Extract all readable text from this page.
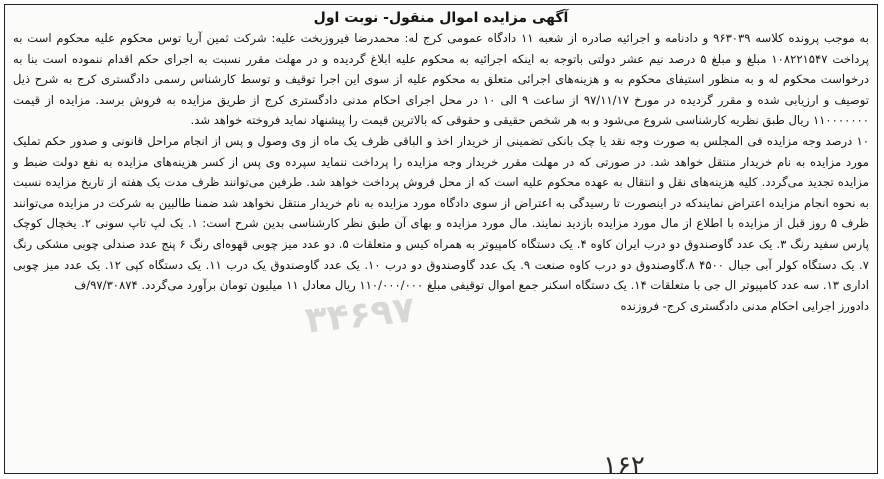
آگهی مزایده اموال منقول- نوبت اول

به موجب پرونده کلاسه ۹۶۳۰۳۹ و دادنامه و اجرائیه صادره از شعبه ۱۱ دادگاه عمومی کرج له: محمدرضا فیروزبخت علیه: شرکت ثمین آریا توس محکوم علیه محکوم است به پرداخت ۱۰۸۲۲۱۵۴۷ مبلغ و مبلغ ۵ درصد نیم عشر دولتی باتوجه به اینکه اجرائیه به محکوم علیه ابلاغ گردیده و در مهلت مقرر نسبت به اجرای حکم اقدام ننموده است بنا به درخواست محکوم له و به منظور استیفای محکوم به و هزینه‌های اجرائی متعلق به محکوم علیه از سوی این اجرا توقیف و توسط کارشناس رسمی دادگستری کرج به شرح ذیل توصیف و ارزیابی شده و مقرر گردیده در مورخ ۹۷/۱۱/۱۷ از ساعت ۹ الی ۱۰ در محل اجرای احکام مدنی دادگستری کرج از طریق مزایده به فروش برسد. مزایده از قیمت ۱۱۰۰۰۰۰۰۰ ریال طبق نظریه کارشناسی شروع می‌شود و به هر شخص حقیقی و حقوقی که بالاترین قیمت را پیشنهاد نماید فروخته خواهد شد.

۱۰ درصد وجه مزایده فی المجلس به صورت وجه نقد یا چک بانکی تضمینی از خریدار اخذ و الباقی ظرف یک ماه از وی وصول و پس از انجام مراحل قانونی و صدور حکم تملیک مورد مزایده به نام خریدار منتقل خواهد شد. در صورتی که در مهلت مقرر خریدار وجه مزایده را پرداخت ننماید سپرده وی پس از کسر هزینه‌های مزایده به نفع دولت ضبط و مزایده تجدید می‌گردد. کلیه هزینه‌های نقل و انتقال به عهده محکوم علیه است که از محل فروش پرداخت خواهد شد. طرفین می‌توانند ظرف مدت یک هفته از تاریخ مزایده نسبت به نحوه انجام مزایده اعتراض نمایندکه در اینصورت تا رسیدگی به اعتراض از سوی دادگاه مورد مزایده به نام خریدار منتقل نخواهد شد ضمنا طالبین به شرکت در مزایده می‌توانند ظرف ۵ روز قبل از مزایده با اطلاع از مال مورد مزایده بازدید نمایند. مال مورد مزایده و بهای آن طبق نظر کارشناسی بدین شرح است: ۱. یک لپ تاپ سونی ۲. یخچال کوچک پارس سفید رنگ ۳. یک عدد گاوصندوق دو درب ایران کاوه ۴. یک دستگاه کامپیوتر به همراه کیس و متعلقات ۵. دو عدد میز چوبی قهوه‌ای رنگ ۶ پنج عدد صندلی چوبی مشکی رنگ ۷. یک دستگاه کولر آبی جبال ۴۵۰۰ ۸.گاوصندوق دو درب کاوه صنعت ۹. یک عدد گاوصندوق دو درب ۱۰. یک عدد گاوصندوق یک درب ۱۱. یک دستگاه کپی ۱۲. یک عدد میز چوبی اداری ۱۳. سه عدد کامپیوتر ال جی با متعلقات ۱۴. یک دستگاه اسکنر جمع اموال توقیفی مبلغ ۱۱۰/۰۰۰/۰۰۰ ریال معادل ۱۱ میلیون تومان برآورد می‌گردد. ۹۷/۳۰۸۷۴/ف

دادورز اجرایی احکام مدنی دادگستری کرج- فروزنده
۳۴۶۹۷
۱۶۲
